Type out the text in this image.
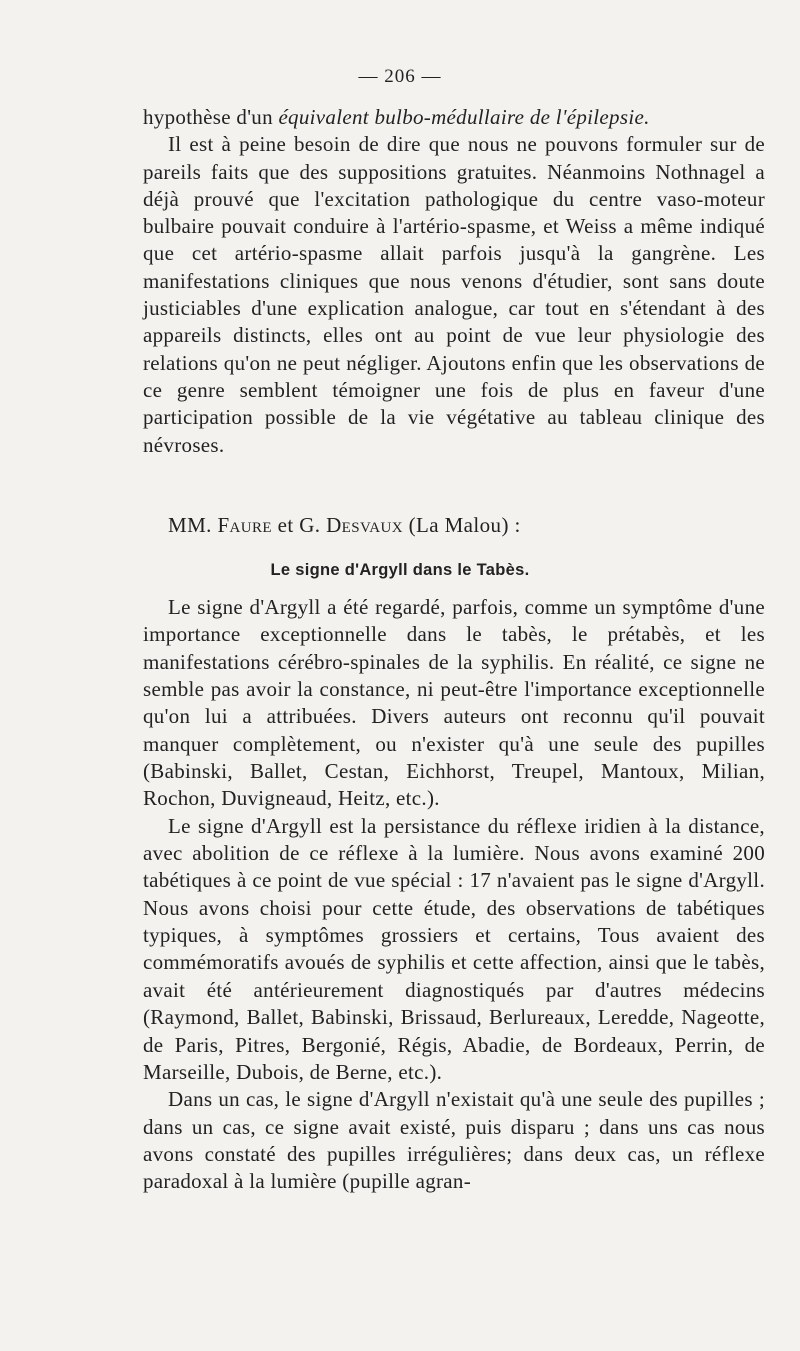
— 206 —

hypothèse d'un équivalent bulbo-médullaire de l'épilepsie.

Il est à peine besoin de dire que nous ne pouvons formuler sur de pareils faits que des suppositions gratuites. Néanmoins Nothnagel a déjà prouvé que l'excitation pathologique du centre vaso-moteur bulbaire pouvait conduire à l'artério-spasme, et Weiss a même indiqué que cet artério-spasme allait parfois jusqu'à la gangrène. Les manifestations cliniques que nous venons d'étudier, sont sans doute justiciables d'une explication analogue, car tout en s'étendant à des appareils distincts, elles ont au point de vue leur physiologie des relations qu'on ne peut négliger. Ajoutons enfin que les observations de ce genre semblent témoigner une fois de plus en faveur d'une participation possible de la vie végétative au tableau clinique des névroses.

MM. Faure et G. Desvaux (La Malou) :
Le signe d'Argyll dans le Tabès.

Le signe d'Argyll a été regardé, parfois, comme un symptôme d'une importance exceptionnelle dans le tabès, le prétabès, et les manifestations cérébro-spinales de la syphilis. En réalité, ce signe ne semble pas avoir la constance, ni peut-être l'importance exceptionnelle qu'on lui a attribuées. Divers auteurs ont reconnu qu'il pouvait manquer complètement, ou n'exister qu'à une seule des pupilles (Babinski, Ballet, Cestan, Eichhorst, Treupel, Mantoux, Milian, Rochon, Duvigneaud, Heitz, etc.).

Le signe d'Argyll est la persistance du réflexe iridien à la distance, avec abolition de ce réflexe à la lumière. Nous avons examiné 200 tabétiques à ce point de vue spécial : 17 n'avaient pas le signe d'Argyll. Nous avons choisi pour cette étude, des observations de tabétiques typiques, à symptômes grossiers et certains, Tous avaient des commémoratifs avoués de syphilis et cette affection, ainsi que le tabès, avait été antérieurement diagnostiqués par d'autres médecins (Raymond, Ballet, Babinski, Brissaud, Berlureaux, Leredde, Nageotte, de Paris, Pitres, Bergonié, Régis, Abadie, de Bordeaux, Perrin, de Marseille, Dubois, de Berne, etc.).

Dans un cas, le signe d'Argyll n'existait qu'à une seule des pupilles ; dans un cas, ce signe avait existé, puis disparu ; dans uns cas nous avons constaté des pupilles irrégulières; dans deux cas, un réflexe paradoxal à la lumière (pupille agran-
